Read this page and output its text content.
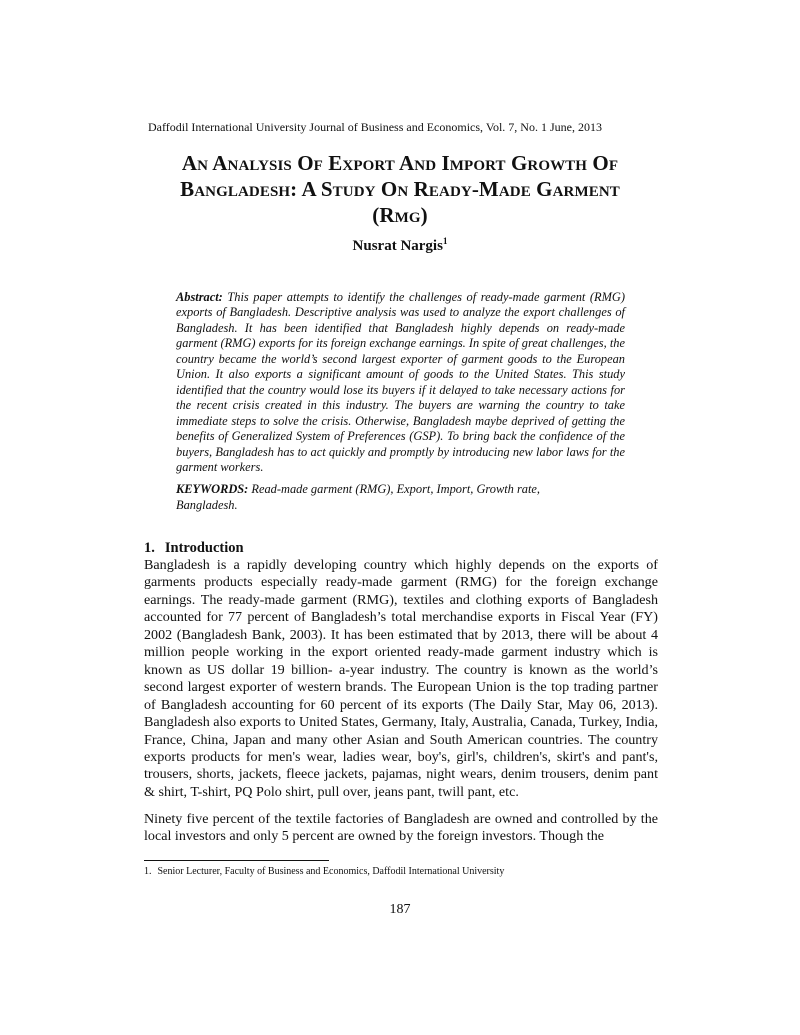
Daffodil International University Journal of Business and Economics, Vol. 7, No. 1 June, 2013
An Analysis Of Export And Import Growth Of
Bangladesh: A Study On Ready-Made Garment
(Rmg)
Nusrat Nargis$^1$
Abstract: This paper attempts to identify the challenges of ready-made garment (RMG) exports of Bangladesh. Descriptive analysis was used to analyze the export challenges of Bangladesh. It has been identified that Bangladesh highly depends on ready-made garment (RMG) exports for its foreign exchange earnings. In spite of great challenges, the country became the world’s second largest exporter of garment goods to the European Union. It also exports a significant amount of goods to the United States. This study identified that the country would lose its buyers if it delayed to take necessary actions for the recent crisis created in this industry. The buyers are warning the country to take immediate steps to solve the crisis. Otherwise, Bangladesh maybe deprived of getting the benefits of Generalized System of Preferences (GSP). To bring back the confidence of the buyers, Bangladesh has to act quickly and promptly by introducing new labor laws for the garment workers.
KEYWORDS: Read-made garment (RMG), Export, Import, Growth rate, Bangladesh.
1. Introduction
Bangladesh is a rapidly developing country which highly depends on the exports of garments products especially ready-made garment (RMG) for the foreign exchange earnings. The ready-made garment (RMG), textiles and clothing exports of Bangladesh accounted for 77 percent of Bangladesh’s total merchandise exports in Fiscal Year (FY) 2002 (Bangladesh Bank, 2003). It has been estimated that by 2013, there will be about 4 million people working in the export oriented ready-made garment industry which is known as US dollar 19 billion- a-year industry. The country is known as the world’s second largest exporter of western brands. The European Union is the top trading partner of Bangladesh accounting for 60 percent of its exports (The Daily Star, May 06, 2013). Bangladesh also exports to United States, Germany, Italy, Australia, Canada, Turkey, India, France, China, Japan and many other Asian and South American countries. The country exports products for men's wear, ladies wear, boy's, girl's, children's, skirt's and pant's, trousers, shorts, jackets, fleece jackets, pajamas, night wears, denim trousers, denim pant & shirt, T-shirt, PQ Polo shirt, pull over, jeans pant, twill pant, etc.
Ninety five percent of the textile factories of Bangladesh are owned and controlled by the local investors and only 5 percent are owned by the foreign investors. Though the
1. Senior Lecturer, Faculty of Business and Economics, Daffodil International University
187
